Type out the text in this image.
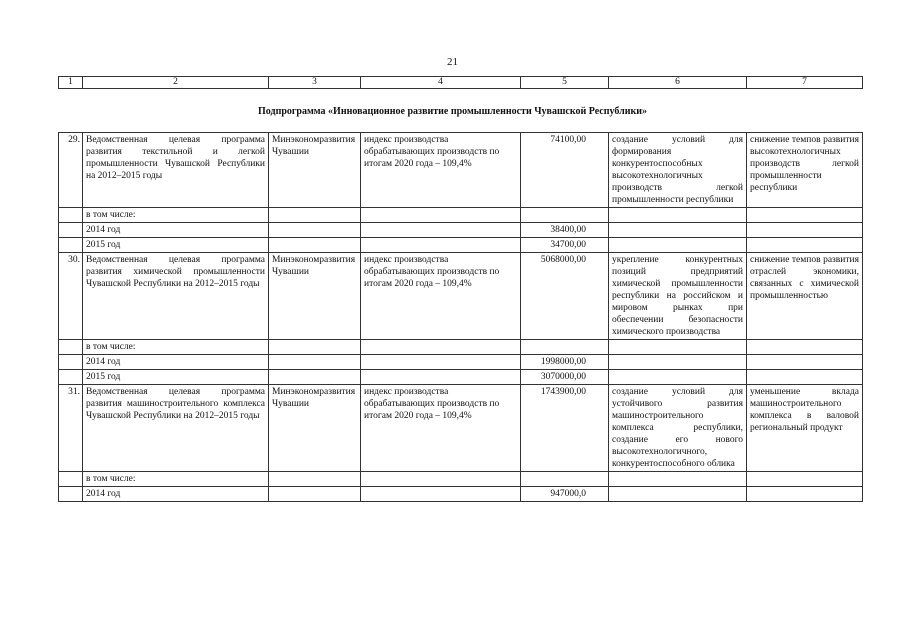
21
1	2	3	4	5	6	7
Подпрограмма «Инновационное развитие промышленности Чувашской Республики»
29.	Ведомственная целевая программа развития текстильной и легкой промышленности Чувашской Республики на 2012–2015 годы	Минэкономразвития Чувашии	индекс производства обрабатывающих производств по итогам 2020 года – 109,4%	74100,00	создание условий для формирования конкурентоспособных высокотехнологичных производств легкой промышленности республики	снижение темпов развития высокотехнологичных производств легкой промышленности республики
	в том числе:					
	2014 год			38400,00		
	2015 год			34700,00		
30.	Ведомственная целевая программа развития химической промышленности Чувашской Республики на 2012–2015 годы	Минэкономразвития Чувашии	индекс производства обрабатывающих производств по итогам 2020 года – 109,4%	5068000,00	укрепление конкурентных позиций предприятий химической промышленности республики на российском и мировом рынках при обеспечении безопасности химического производства	снижение темпов развития отраслей экономики, связанных с химической промышленностью
	в том числе:					
	2014 год			1998000,00		
	2015 год			3070000,00		
31.	Ведомственная целевая программа развития машиностроительного комплекса Чувашской Республики на 2012–2015 годы	Минэкономразвития Чувашии	индекс производства обрабатывающих производств по итогам 2020 года – 109,4%	1743900,00	создание условий для устойчивого развития машиностроительного комплекса республики, создание его нового высокотехнологичного, конкурентоспособного облика	уменьшение вклада машиностроительного комплекса в валовой региональный продукт
	в том числе:					
	2014 год			947000,0		
